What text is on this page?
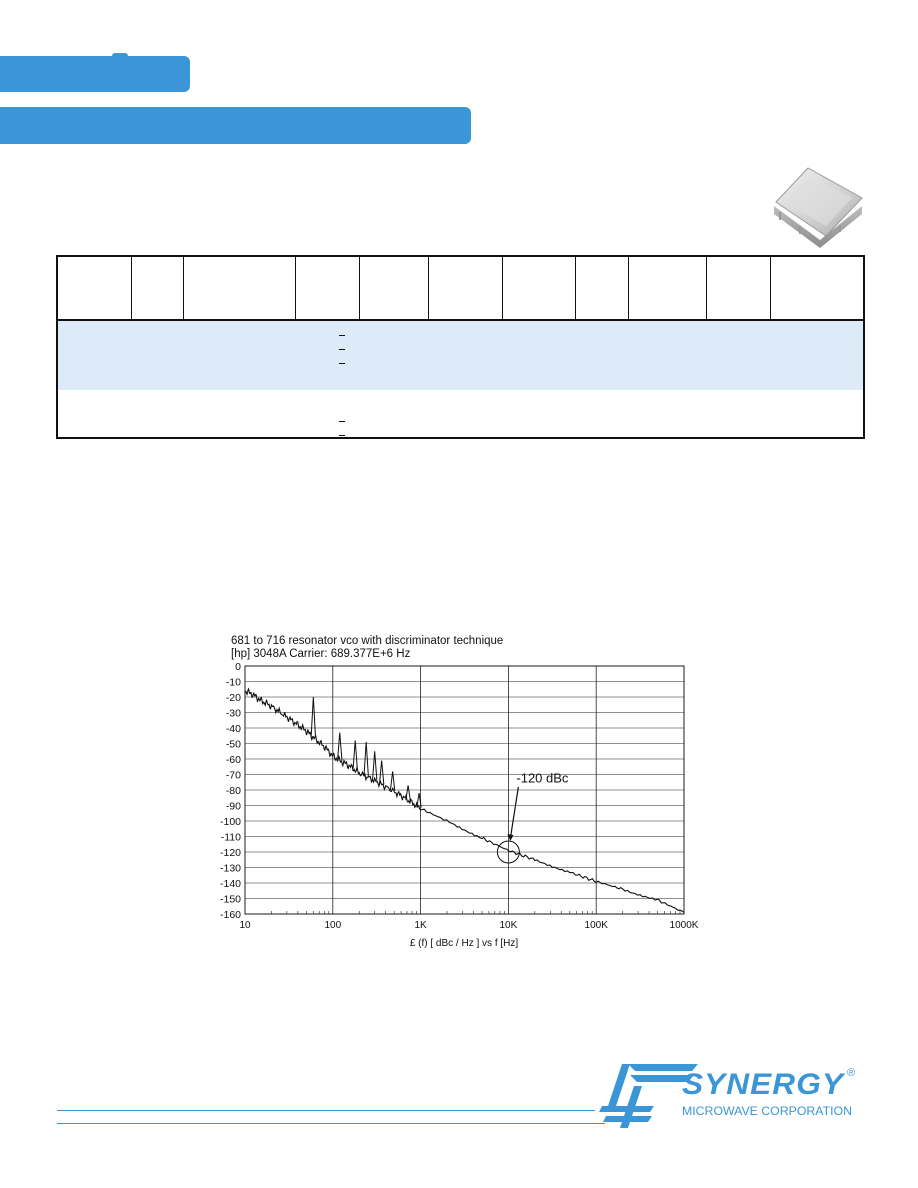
681 to 716 resonator vco with discriminator technique
[hp] 3048A Carrier: 689.377E+6 Hz
0
-10
-20
-30
-40
-50
-60
-70
-80
-90
-100
-110
-120
-130
-140
-150
-160
10	100	1K	10K	100K	1000K
-120 dBc
£ (f) [ dBc / Hz ] vs f [Hz]
SYNERGY ®
MICROWAVE CORPORATION
